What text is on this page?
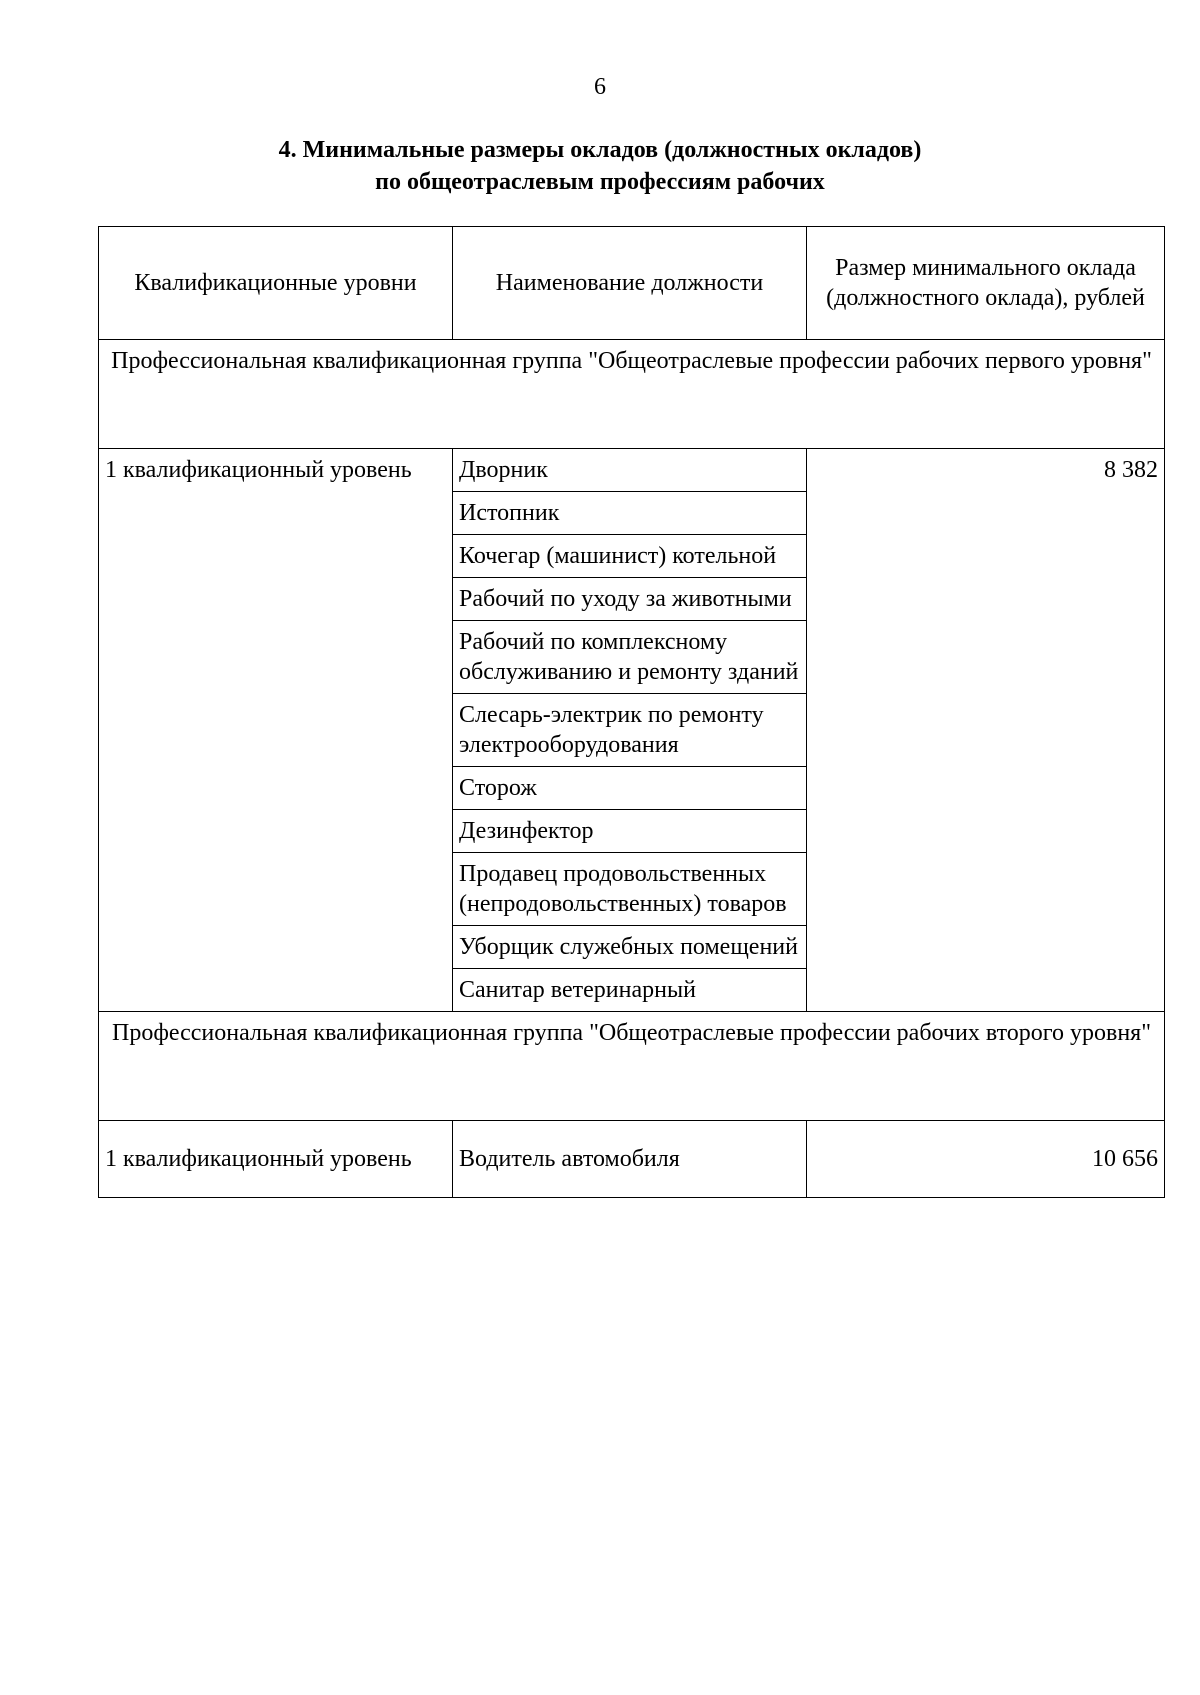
6
4. Минимальные размеры окладов (должностных окладов)
по общеотраслевым профессиям рабочих
Квалификационные уровни	Наименование должности	Размер минимального оклада (должностного оклада), рублей
Профессиональная квалификационная группа "Общеотраслевые профессии рабочих первого уровня"		
1 квалификационный уровень	Дворник	8 382
	Истопник	
	Кочегар (машинист) котельной	
	Рабочий по уходу за животными	
	Рабочий по комплексному обслуживанию и ремонту зданий	
	Слесарь-электрик по ремонту электрооборудования	
	Сторож	
	Дезинфектор	
	Продавец продовольственных (непродовольственных) товаров	
	Уборщик служебных помещений	
	Санитар ветеринарный	
Профессиональная квалификационная группа "Общеотраслевые профессии рабочих второго уровня"		
1 квалификационный уровень	Водитель автомобиля	10 656
